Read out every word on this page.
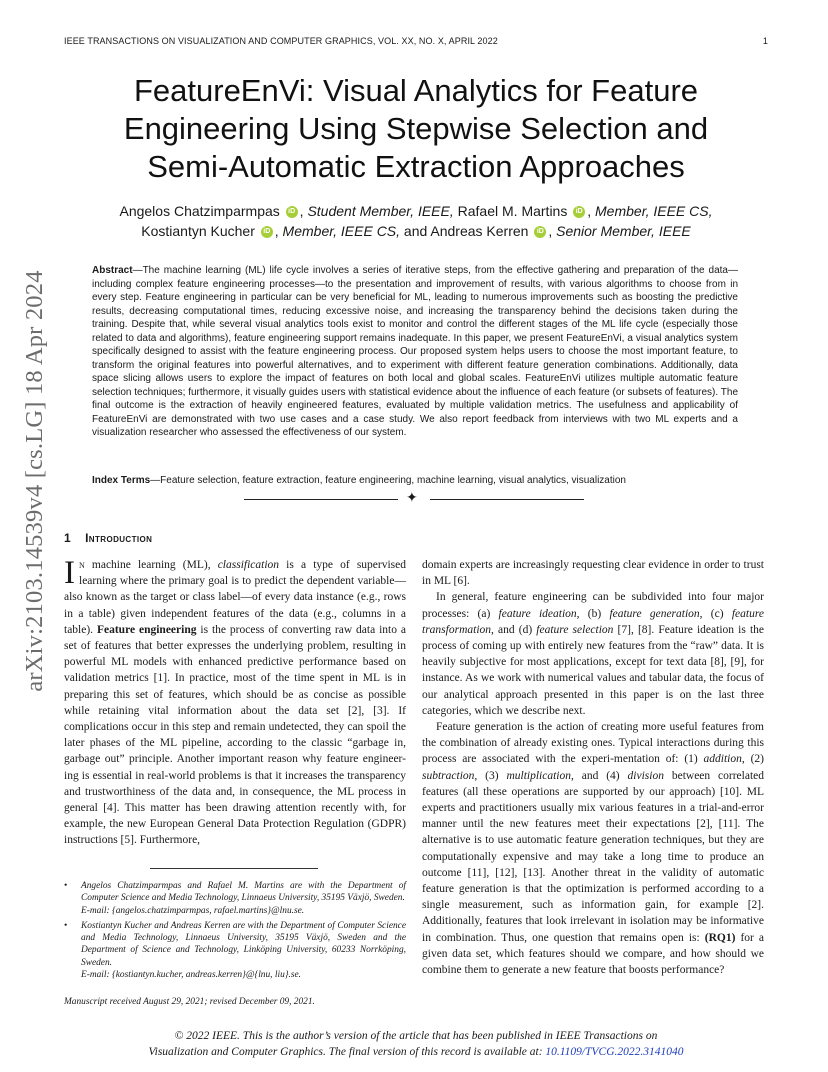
IEEE TRANSACTIONS ON VISUALIZATION AND COMPUTER GRAPHICS, VOL. XX, NO. X, APRIL 2022	1
arXiv:2103.14539v4 [cs.LG] 18 Apr 2024
FeatureEnVi: Visual Analytics for Feature
Engineering Using Stepwise Selection and
Semi-Automatic Extraction Approaches
Angelos Chatzimparmpas iD , Student Member, IEEE, Rafael M. Martins iD , Member, IEEE CS,
Kostiantyn Kucher iD , Member, IEEE CS, and Andreas Kerren iD , Senior Member, IEEE
Abstract—The machine learning (ML) life cycle involves a series of iterative steps, from the effective gathering and preparation of the data—including complex feature engineering processes—to the presentation and improvement of results, with various algorithms to choose from in every step. Feature engineering in particular can be very beneficial for ML, leading to numerous improvements such as boosting the predictive results, decreasing computational times, reducing excessive noise, and increasing the transparency behind the decisions taken during the training. Despite that, while several visual analytics tools exist to monitor and control the different stages of the ML life cycle (especially those related to data and algorithms), feature engineering support remains inadequate. In this paper, we present FeatureEnVi, a visual analytics system specifically designed to assist with the feature engineering process. Our proposed system helps users to choose the most important feature, to transform the original features into powerful alternatives, and to experiment with different feature generation combinations. Additionally, data space slicing allows users to explore the impact of features on both local and global scales. FeatureEnVi utilizes multiple automatic feature selection techniques; furthermore, it visually guides users with statistical evidence about the influence of each feature (or subsets of features). The final outcome is the extraction of heavily engineered features, evaluated by multiple validation metrics. The usefulness and applicability of FeatureEnVi are demonstrated with two use cases and a case study. We also report feedback from interviews with two ML experts and a visualization researcher who assessed the effectiveness of our system.
Index Terms—Feature selection, feature extraction, feature engineering, machine learning, visual analytics, visualization
✦
1 Introduction

In machine learning (ML), classification is a type of supervised learning where the primary goal is to predict the dependent variable—also known as the target or class label—of every data instance (e.g., rows in a table) given independent features of the data (e.g., columns in a table). Feature engineering is the process of converting raw data into a set of features that better expresses the underlying problem, resulting in powerful ML models with enhanced predictive performance based on validation metrics [1]. In practice, most of the time spent in ML is in preparing this set of features, which should be as concise as possible while retaining vital information about the data set [2], [3]. If complications occur in this step and remain undetected, they can spoil the later phases of the ML pipeline, according to the classic “garbage in, garbage out” principle. Another important reason why feature engineer-ing is essential in real-world problems is that it increases the transparency and trustworthiness of the data and, in consequence, the ML process in general [4]. This matter has been drawing attention recently with, for example, the new European General Data Protection Regulation (GDPR) instructions [5]. Furthermore,

domain experts are increasingly requesting clear evidence in order to trust in ML [6].

In general, feature engineering can be subdivided into four major processes: (a) feature ideation, (b) feature generation, (c) feature transformation, and (d) feature selection [7], [8]. Feature ideation is the process of coming up with entirely new features from the “raw” data. It is heavily subjective for most applications, except for text data [8], [9], for instance. As we work with numerical values and tabular data, the focus of our analytical approach presented in this paper is on the last three categories, which we describe next.

Feature generation is the action of creating more useful features from the combination of already existing ones. Typical interactions during this process are associated with the experi-mentation of: (1) addition, (2) subtraction, (3) multiplication, and (4) division between correlated features (all these operations are supported by our approach) [10]. ML experts and practitioners usually mix various features in a trial-and-error manner until the new features meet their expectations [2], [11]. The alternative is to use automatic feature generation techniques, but they are computationally expensive and may take a long time to produce an outcome [11], [12], [13]. Another threat in the validity of automatic feature generation is that the optimization is performed according to a single measurement, such as information gain, for example [2]. Additionally, features that look irrelevant in isolation may be informative in combination. Thus, one question that remains open is: (RQ1) for a given data set, which features should we compare, and how should we combine them to generate a new feature that boosts performance?

• Angelos Chatzimparmpas and Rafael M. Martins are with the Department of Computer Science and Media Technology, Linnaeus University, 35195 Växjö, Sweden.
E-mail: {angelos.chatzimparmpas, rafael.martins}@lnu.se.
• Kostiantyn Kucher and Andreas Kerren are with the Department of Computer Science and Media Technology, Linnaeus University, 35195 Växjö, Sweden and the Department of Science and Technology, Linköping University, 60233 Norrköping, Sweden.
E-mail: {kostiantyn.kucher, andreas.kerren}@{lnu, liu}.se.
Manuscript received August 29, 2021; revised December 09, 2021.
© 2022 IEEE. This is the author’s version of the article that has been published in IEEE Transactions on
Visualization and Computer Graphics. The final version of this record is available at: 10.1109/TVCG.2022.3141040
